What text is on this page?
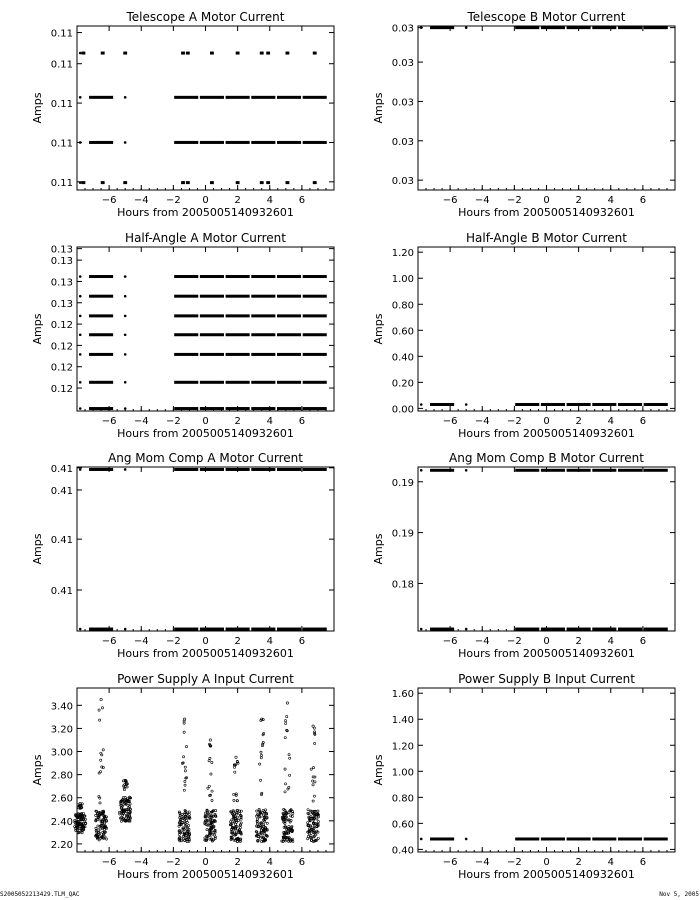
Telescope A Motor Current
−6 −4 −2 0	2	4	6
0.11
0.11
0.11
0.11
0.11
Hours from 2005005140932601
Amps
Telescope B Motor Current
−6 −4 −2 0	2	4	6
0.03
0.03
0.03
0.03
0.03
Hours from 2005005140932601
Amps
Half-Angle A Motor Current
−6 −4 −2 0	2	4	6
0.12
0.12
0.12
0.12
0.13
0.13
0.13
0.13
Hours from 2005005140932601
Amps
Half-Angle B Motor Current
−6 −4 −2 0	2	4	6
0.00
0.20
0.40
0.60
0.80
1.00
1.20
Hours from 2005005140932601
Amps
Ang Mom Comp A Motor Current
−6 −4 −2 0	2	4	6
0.41
0.41
0.41
0.41
Hours from 2005005140932601
Amps
Ang Mom Comp B Motor Current
−6 −4 −2 0	2	4	6
0.18
0.19
0.19
Hours from 2005005140932601
Amps
Power Supply A Input Current
−6 −4 −2 0	2	4	6
2.20
2.40
2.60
2.80
3.00
3.20
3.40
Hours from 2005005140932601
Amps
Power Supply B Input Current
−6 −4 −2 0	2	4	6
0.40
0.60
0.80
1.00
1.20
1.40
1.60
Hours from 2005005140932601
Amps
S2005052213429.TLM_QAC	Nov 5, 2005
